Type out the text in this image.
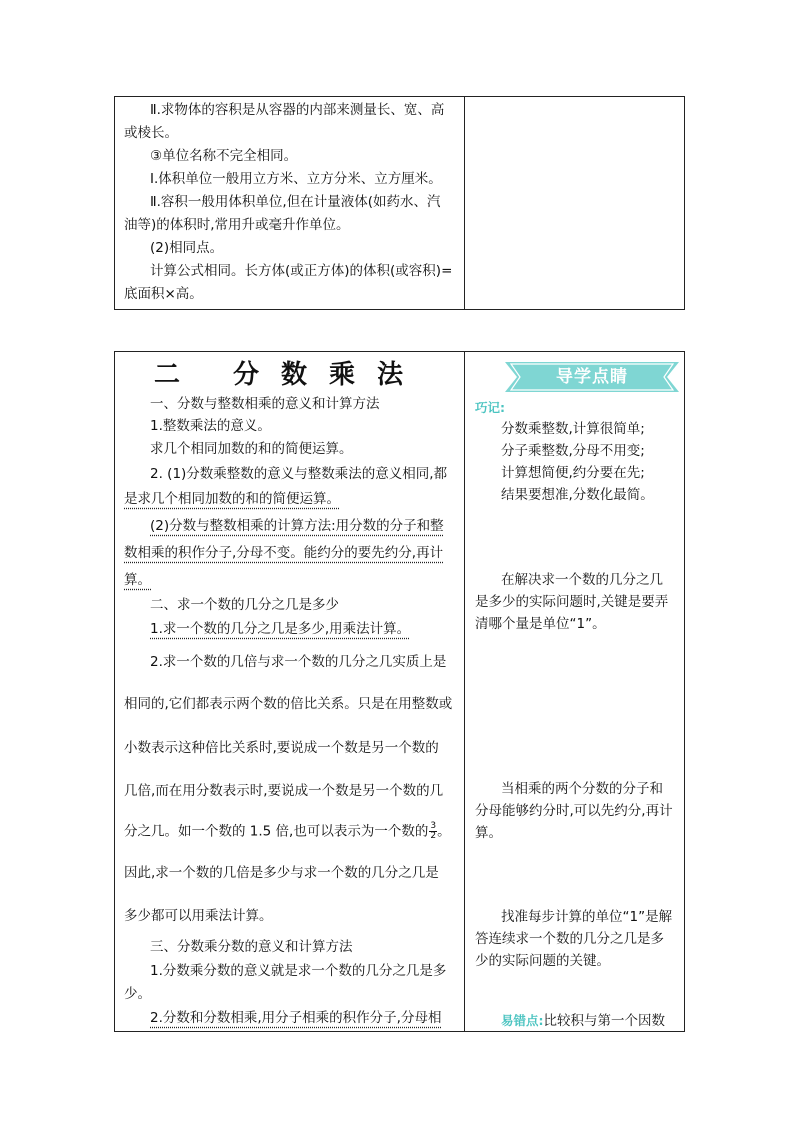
Ⅱ.求物体的容积是从容器的内部来测量长、宽、高
或棱长。
③单位名称不完全相同。
Ⅰ.体积单位一般用立方米、立方分米、立方厘米。
Ⅱ.容积一般用体积单位,但在计量液体(如药水、汽
油等)的体积时,常用升或毫升作单位。
(2)相同点。
计算公式相同。长方体(或正方体)的体积(或容积)=
底面积×高。
二 分数乘法	导学点睛
一、分数与整数相乘的意义和计算方法
1.整数乘法的意义。
求几个相同加数的和的简便运算。
2. (1)分数乘整数的意义与整数乘法的意义相同,都
是求几个相同加数的和的简便运算。
(2)分数与整数相乘的计算方法:用分数的分子和整
数相乘的积作分子,分母不变。能约分的要先约分,再计
算。
二、求一个数的几分之几是多少
1.求一个数的几分之几是多少,用乘法计算。
2.求一个数的几倍与求一个数的几分之几实质上是
相同的,它们都表示两个数的倍比关系。只是在用整数或
小数表示这种倍比关系时,要说成一个数是另一个数的
几倍,而在用分数表示时,要说成一个数是另一个数的几
分之几。如一个数的 1.5 倍,也可以表示为一个数的 $\frac{3}{2}$ 。
因此,求一个数的几倍是多少与求一个数的几分之几是
多少都可以用乘法计算。
三、分数乘分数的意义和计算方法
1.分数乘分数的意义就是求一个数的几分之几是多
少。
2.分数和分数相乘,用分子相乘的积作分子,分母相
巧记:
分数乘整数,计算很简单;
分子乘整数,分母不用变;
计算想简便,约分要在先;
结果要想准,分数化最简。
在解决求一个数的几分之几
是多少的实际问题时,关键是要弄
清哪个量是单位“1”。
当相乘的两个分数的分子和
分母能够约分时,可以先约分,再计
算。
找准每步计算的单位“1”是解
答连续求一个数的几分之几是多
少的实际问题的关键。
易错点:比较积与第一个因数
